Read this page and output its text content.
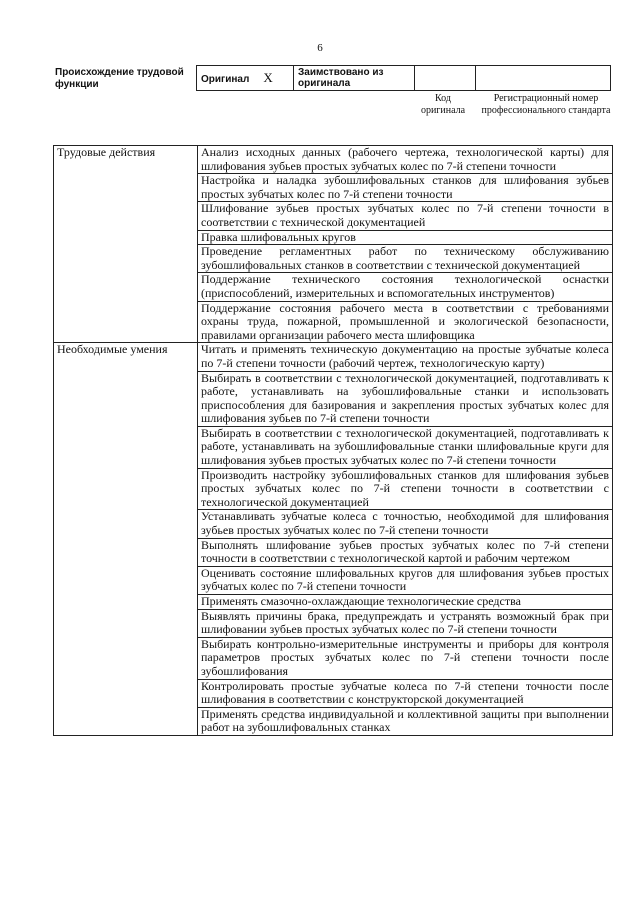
6
Происхождение трудовой функции	Оригинал X	Заимствовано из оригинала		
Код оригинала
Регистрационный номер профессионального стандарта
Трудовые действия	Анализ исходных данных (рабочего чертежа, технологической карты) для шлифования зубьев простых зубчатых колес по 7-й степени точности
	Настройка и наладка зубошлифовальных станков для шлифования зубьев простых зубчатых колес по 7-й степени точности
	Шлифование зубьев простых зубчатых колес по 7-й степени точности в соответствии с технической документацией
	Правка шлифовальных кругов
	Проведение регламентных работ по техническому обслуживанию зубошлифовальных станков в соответствии с технической документацией
	Поддержание технического состояния технологической оснастки (приспособлений, измерительных и вспомогательных инструментов)
	Поддержание состояния рабочего места в соответствии с требованиями охраны труда, пожарной, промышленной и экологической безопасности, правилами организации рабочего места шлифовщика
Необходимые умения	Читать и применять техническую документацию на простые зубчатые колеса по 7-й степени точности (рабочий чертеж, технологическую карту)
	Выбирать в соответствии с технологической документацией, подготавливать к работе, устанавливать на зубошлифовальные станки и использовать приспособления для базирования и закрепления простых зубчатых колес для шлифования зубьев по 7-й степени точности
	Выбирать в соответствии с технологической документацией, подготавливать к работе, устанавливать на зубошлифовальные станки шлифовальные круги для шлифования зубьев простых зубчатых колес по 7-й степени точности
	Производить настройку зубошлифовальных станков для шлифования зубьев простых зубчатых колес по 7-й степени точности в соответствии с технологической документацией
	Устанавливать зубчатые колеса с точностью, необходимой для шлифования зубьев простых зубчатых колес по 7-й степени точности
	Выполнять шлифование зубьев простых зубчатых колес по 7-й степени точности в соответствии с технологической картой и рабочим чертежом
	Оценивать состояние шлифовальных кругов для шлифования зубьев простых зубчатых колес по 7-й степени точности
	Применять смазочно-охлаждающие технологические средства
	Выявлять причины брака, предупреждать и устранять возможный брак при шлифовании зубьев простых зубчатых колес по 7-й степени точности
	Выбирать контрольно-измерительные инструменты и приборы для контроля параметров простых зубчатых колес по 7-й степени точности после зубошлифования
	Контролировать простые зубчатые колеса по 7-й степени точности после шлифования в соответствии с конструкторской документацией
	Применять средства индивидуальной и коллективной защиты при выполнении работ на зубошлифовальных станках
